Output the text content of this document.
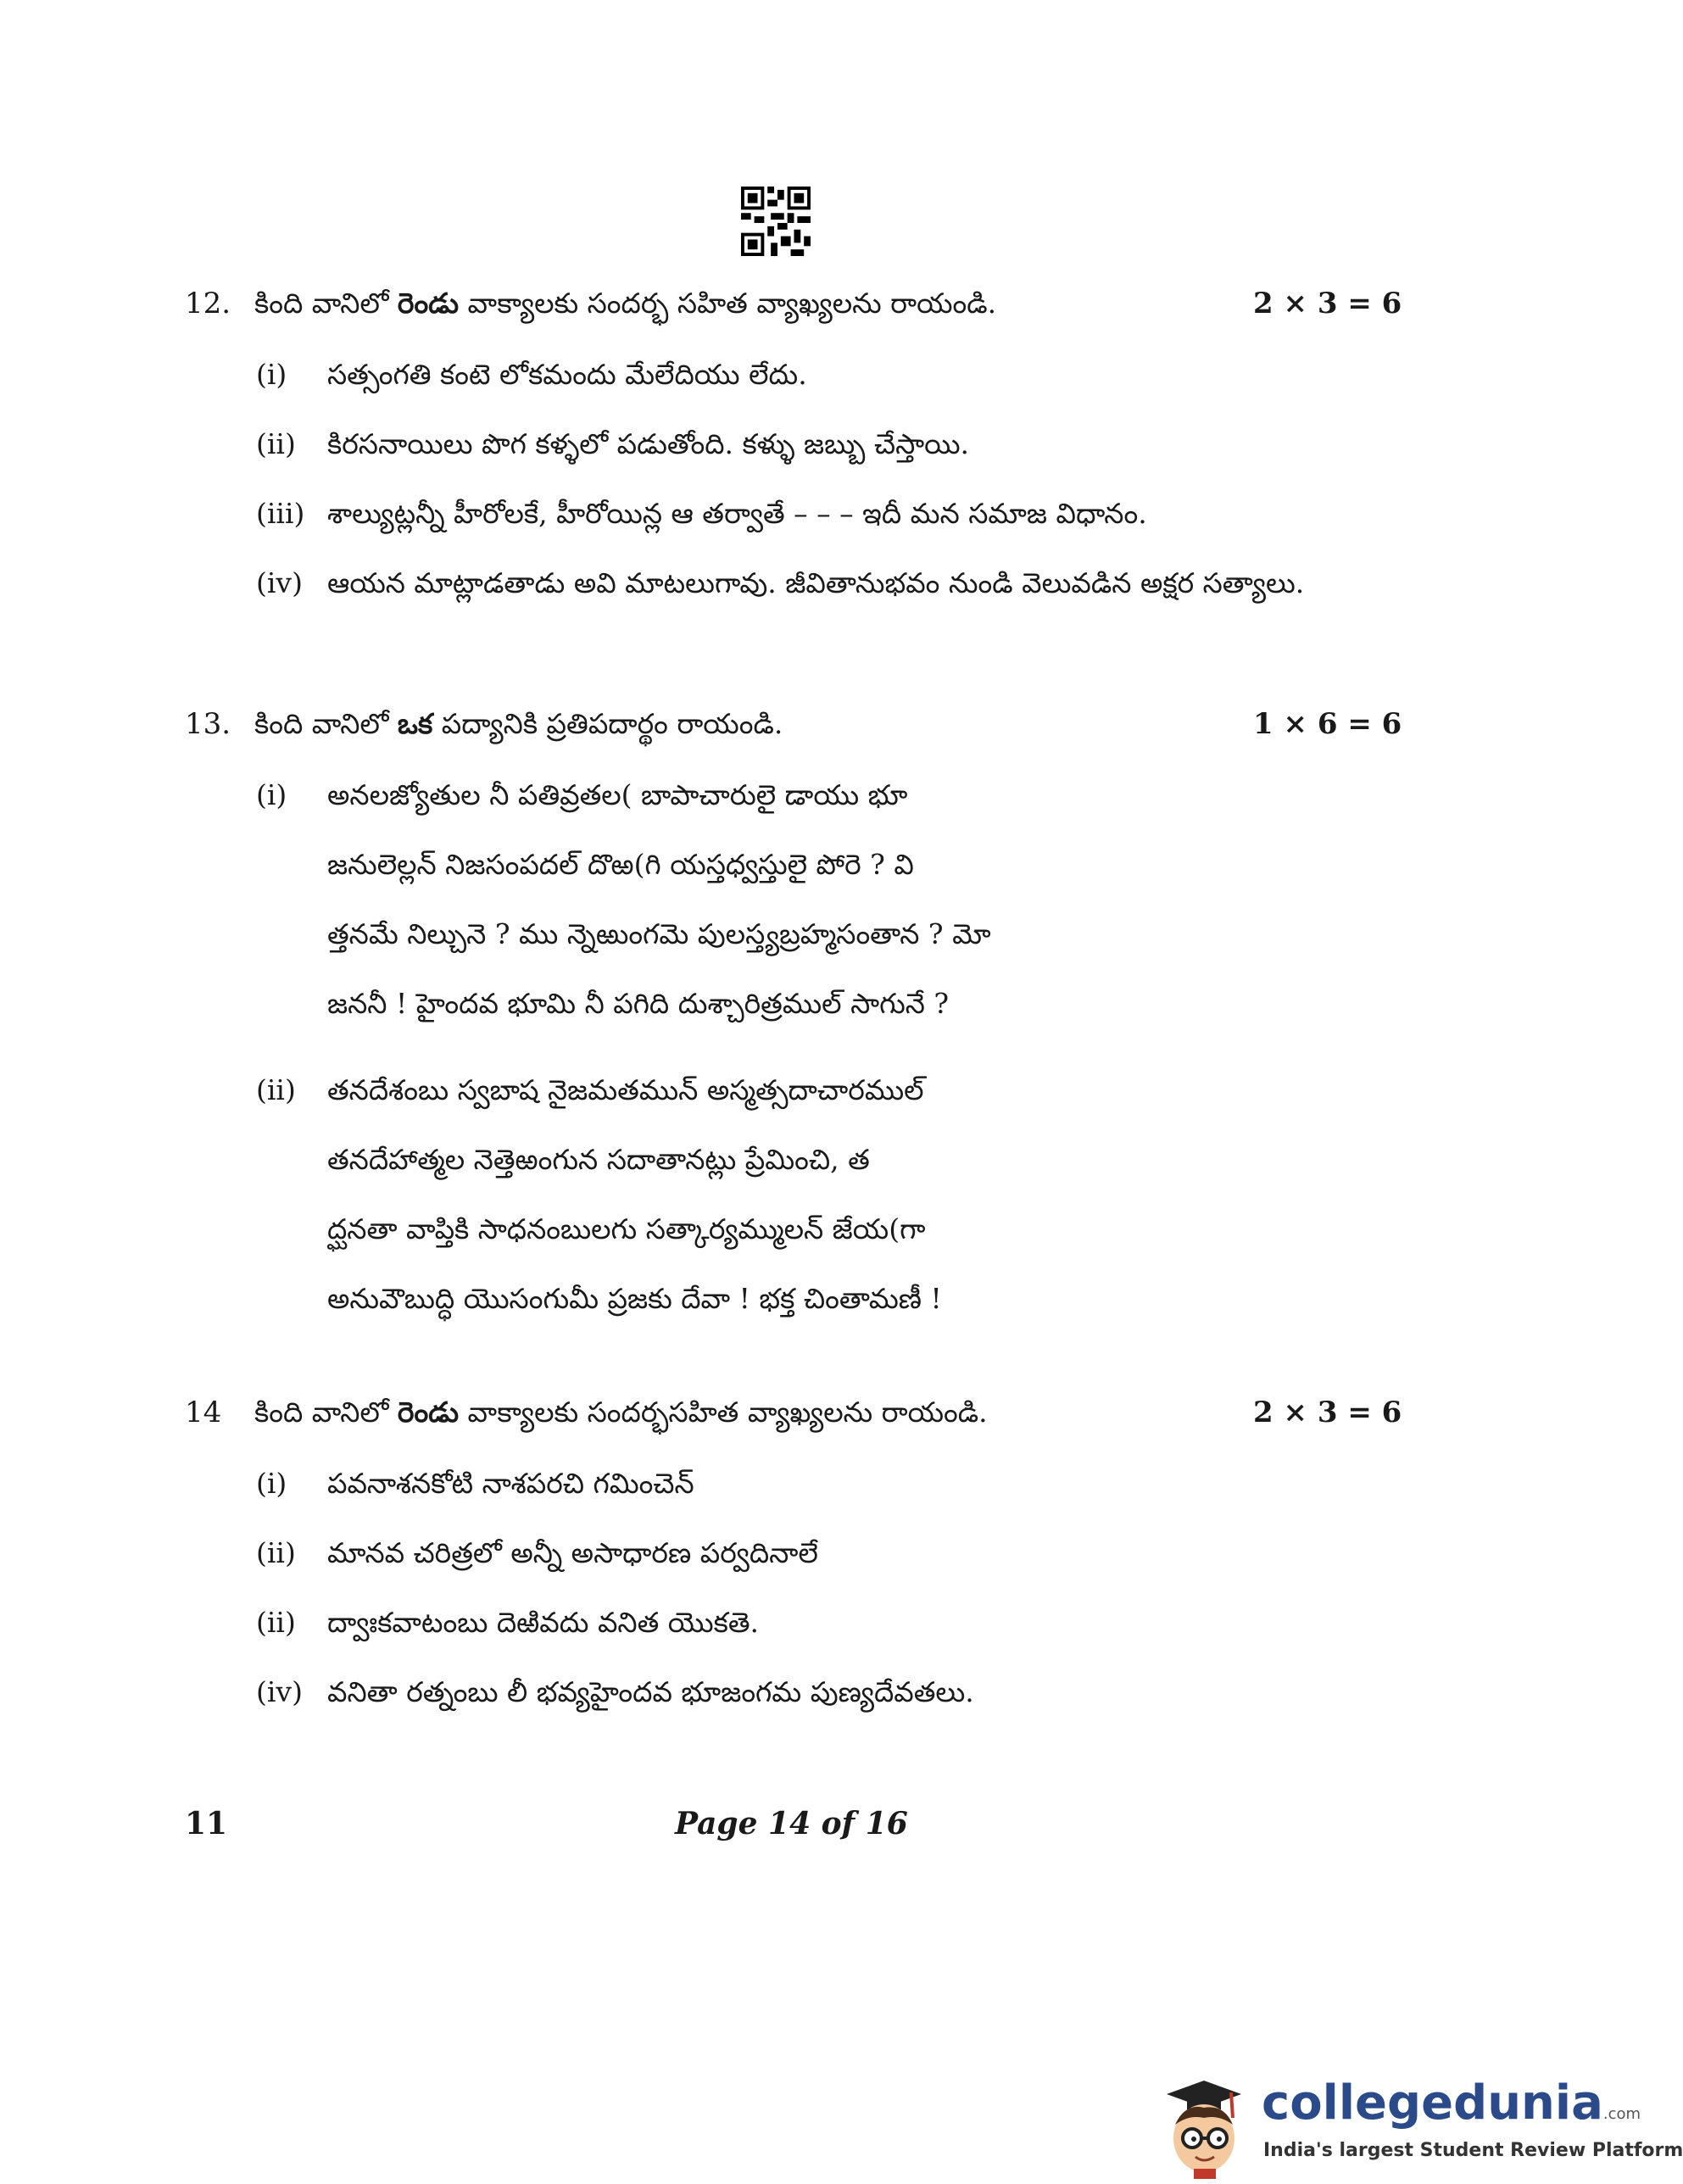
12. కింది వానిలో రెండు వాక్యాలకు సందర్భ సహిత వ్యాఖ్యలను రాయండి.	2 × 3 = 6
(i) సత్సంగతి కంటె లోకమందు మేలేదియు లేదు.
(ii) కిరసనాయిలు పొగ కళ్ళలో పడుతోంది. కళ్ళు జబ్బు చేస్తాయి.
(iii) శాల్యుట్లన్నీ హీరోలకే, హీరోయిన్ల ఆ తర్వాతే – – – ఇదీ మన సమాజ విధానం.
(iv) ఆయన మాట్లాడతాడు అవి మాటలుగావు. జీవితానుభవం నుండి వెలువడిన అక్షర సత్యాలు.
13. కింది వానిలో ఒక పద్యానికి ప్రతిపదార్థం రాయండి.	1 × 6 = 6
(i) అనలజ్యోతుల నీ పతివ్రతల( బాపాచారులై డాయు భూ
జనులెల్లన్ నిజసంపదల్ దొఱ(గి యస్తధ్వస్తులై పోరె ? వి
త్తనమే నిల్చునె ? ము న్నెఱుంగమె పులస్త్యబ్రహ్మసంతాన ? మో
జననీ ! హైందవ భూమి నీ పగిది దుశ్చారిత్రముల్ సాగునే ?
(ii) తనదేశంబు స్వబాష నైజమతమున్ అస్మత్సదాచారముల్
తనదేహాత్మల నెత్తెఱంగున సదాతానట్లు ప్రేమించి, త
ద్ఘనతా వాప్తికి సాధనంబులగు సత్కార్యమ్ములన్ జేయ(గా
అనువౌబుద్ధి యొసంగుమీ ప్రజకు దేవా ! భక్త చింతామణీ !
14 కింది వానిలో రెండు వాక్యాలకు సందర్భసహిత వ్యాఖ్యలను రాయండి.	2 × 3 = 6
(i) పవనాశనకోటి నాశపరచి గమించెన్
(ii) మానవ చరిత్రలో అన్నీ అసాధారణ పర్వదినాలే
(ii) ద్వాఃకవాటంబు దెఱివదు వనిత యొకతె.
(iv) వనితా రత్నంబు లీ భవ్యహైందవ భూజంగమ పుణ్యదేవతలు.
11	Page 14 of 16
collegedunia.com
India's largest Student Review Platform
